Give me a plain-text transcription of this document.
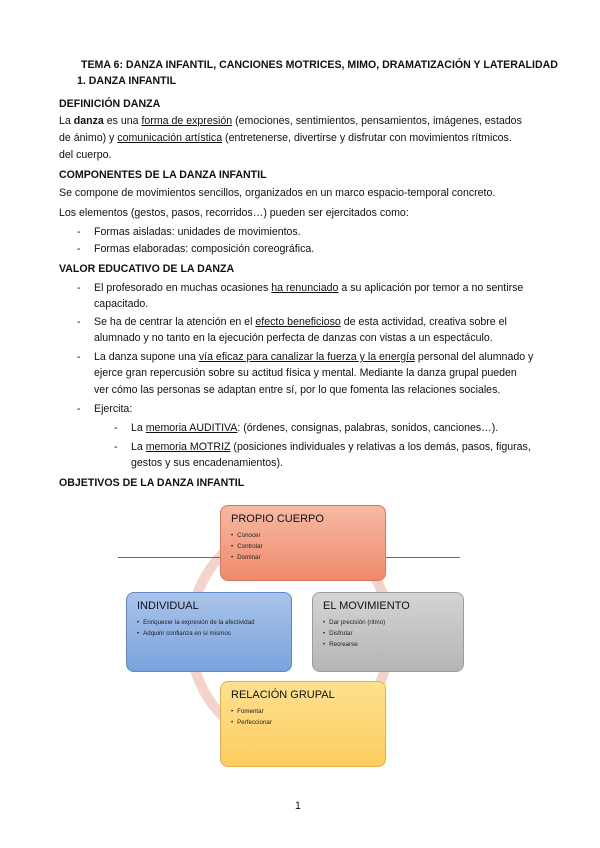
TEMA 6: DANZA INFANTIL, CANCIONES MOTRICES, MIMO, DRAMATIZACIÓN Y LATERALIDAD
1. DANZA INFANTIL
DEFINICIÓN DANZA
La danza es una forma de expresión (emociones, sentimientos, pensamientos, imágenes, estados
de ánimo) y comunicación artística (entretenerse, divertirse y disfrutar con movimientos rítmicos.
del cuerpo.
COMPONENTES DE LA DANZA INFANTIL
Se compone de movimientos sencillos, organizados en un marco espacio-temporal concreto.
Los elementos (gestos, pasos, recorridos…) pueden ser ejercitados como:
- Formas aisladas: unidades de movimientos.
- Formas elaboradas: composición coreográfica.
VALOR EDUCATIVO DE LA DANZA
- El profesorado en muchas ocasiones ha renunciado a su aplicación por temor a no sentirse
capacitado.
- Se ha de centrar la atención en el efecto beneficioso de esta actividad, creativa sobre el
alumnado y no tanto en la ejecución perfecta de danzas con vistas a un espectáculo.
- La danza supone una vía eficaz para canalizar la fuerza y la energía personal del alumnado y
ejerce gran repercusión sobre su actitud física y mental. Mediante la danza grupal pueden
ver cómo las personas se adaptan entre sí, por lo que fomenta las relaciones sociales.
- Ejercita:
- La memoria AUDITIVA: (órdenes, consignas, palabras, sonidos, canciones…).
- La memoria MOTRIZ (posiciones individuales y relativas a los demás, pasos, figuras,
gestos y sus encadenamientos).
OBJETIVOS DE LA DANZA INFANTIL
PROPIO CUERPO
• Conocer
• Controlar
• Dominar
INDIVIDUAL
• Enriquecer la expresión de la afectividad
• Adquirir confianza en sí mismos
EL MOVIMIENTO
• Dar precisión (ritmo)
• Disfrutar
• Recrearse
RELACIÓN GRUPAL
• Fomentar
• Perfeccionar
1
